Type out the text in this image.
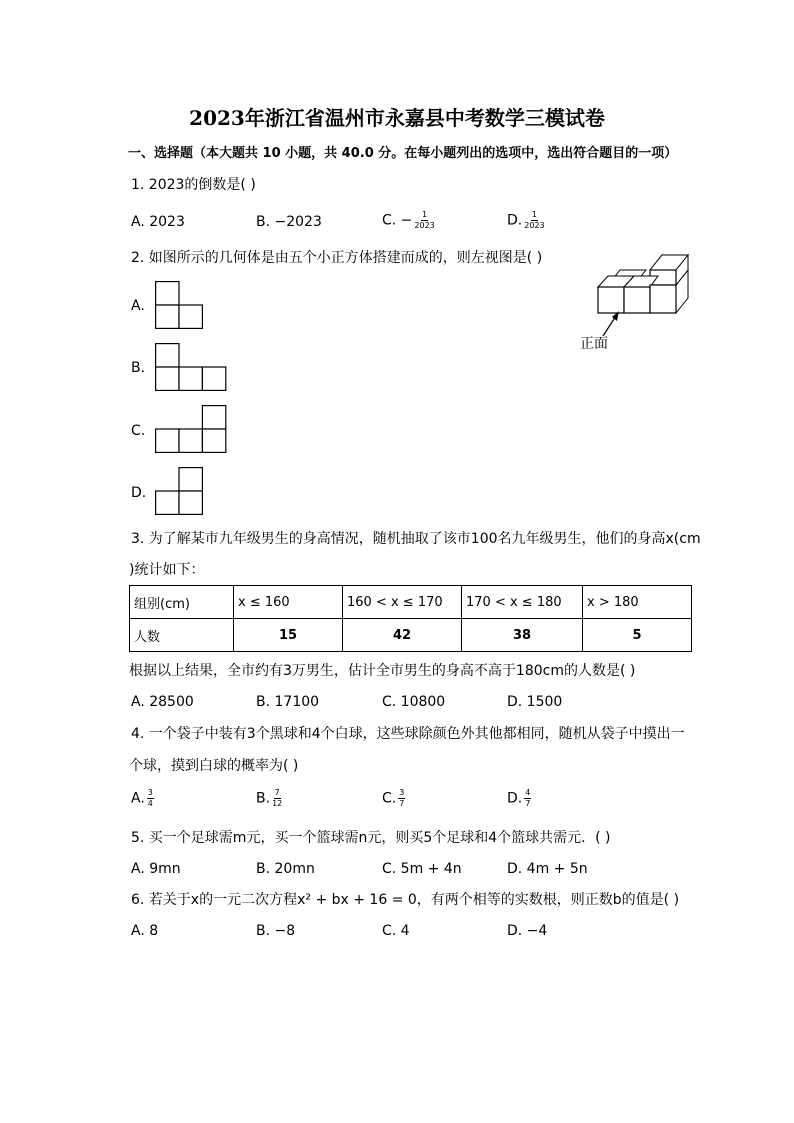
2023年浙江省温州市永嘉县中考数学三模试卷
一、选择题（本大题共 10 小题，共 40.0 分。在每小题列出的选项中，选出符合题目的一项）
1. 2023的倒数是( )
A. 2023	B. −2023	C. − $\frac{1}{2023}$	D. $\frac{1}{2023}$
2. 如图所示的几何体是由五个小正方体搭建而成的，则左视图是( )
A.
B.
C.
D.
正面
3. 为了解某市九年级男生的身高情况，随机抽取了该市100名九年级男生，他们的身高x(cm
)统计如下：
组别(cm)	x ≤ 160	160 < x ≤ 170	170 < x ≤ 180	x > 180
人数	15	42	38	5
根据以上结果，全市约有3万男生，估计全市男生的身高不高于180cm的人数是( )
A. 28500	B. 17100	C. 10800	D. 1500
4. 一个袋子中装有3个黑球和4个白球，这些球除颜色外其他都相同，随机从袋子中摸出一
个球，摸到白球的概率为( )
A. $\frac{3}{4}$	B. $\frac{7}{12}$	C. $\frac{3}{7}$	D. $\frac{4}{7}$
5. 买一个足球需m元，买一个篮球需n元，则买5个足球和4个篮球共需元．( )
A. 9mn	B. 20mn	C. 5m + 4n	D. 4m + 5n
6. 若关于x的一元二次方程x² + bx + 16 = 0，有两个相等的实数根，则正数b的值是( )
A. 8	B. −8	C. 4	D. −4
